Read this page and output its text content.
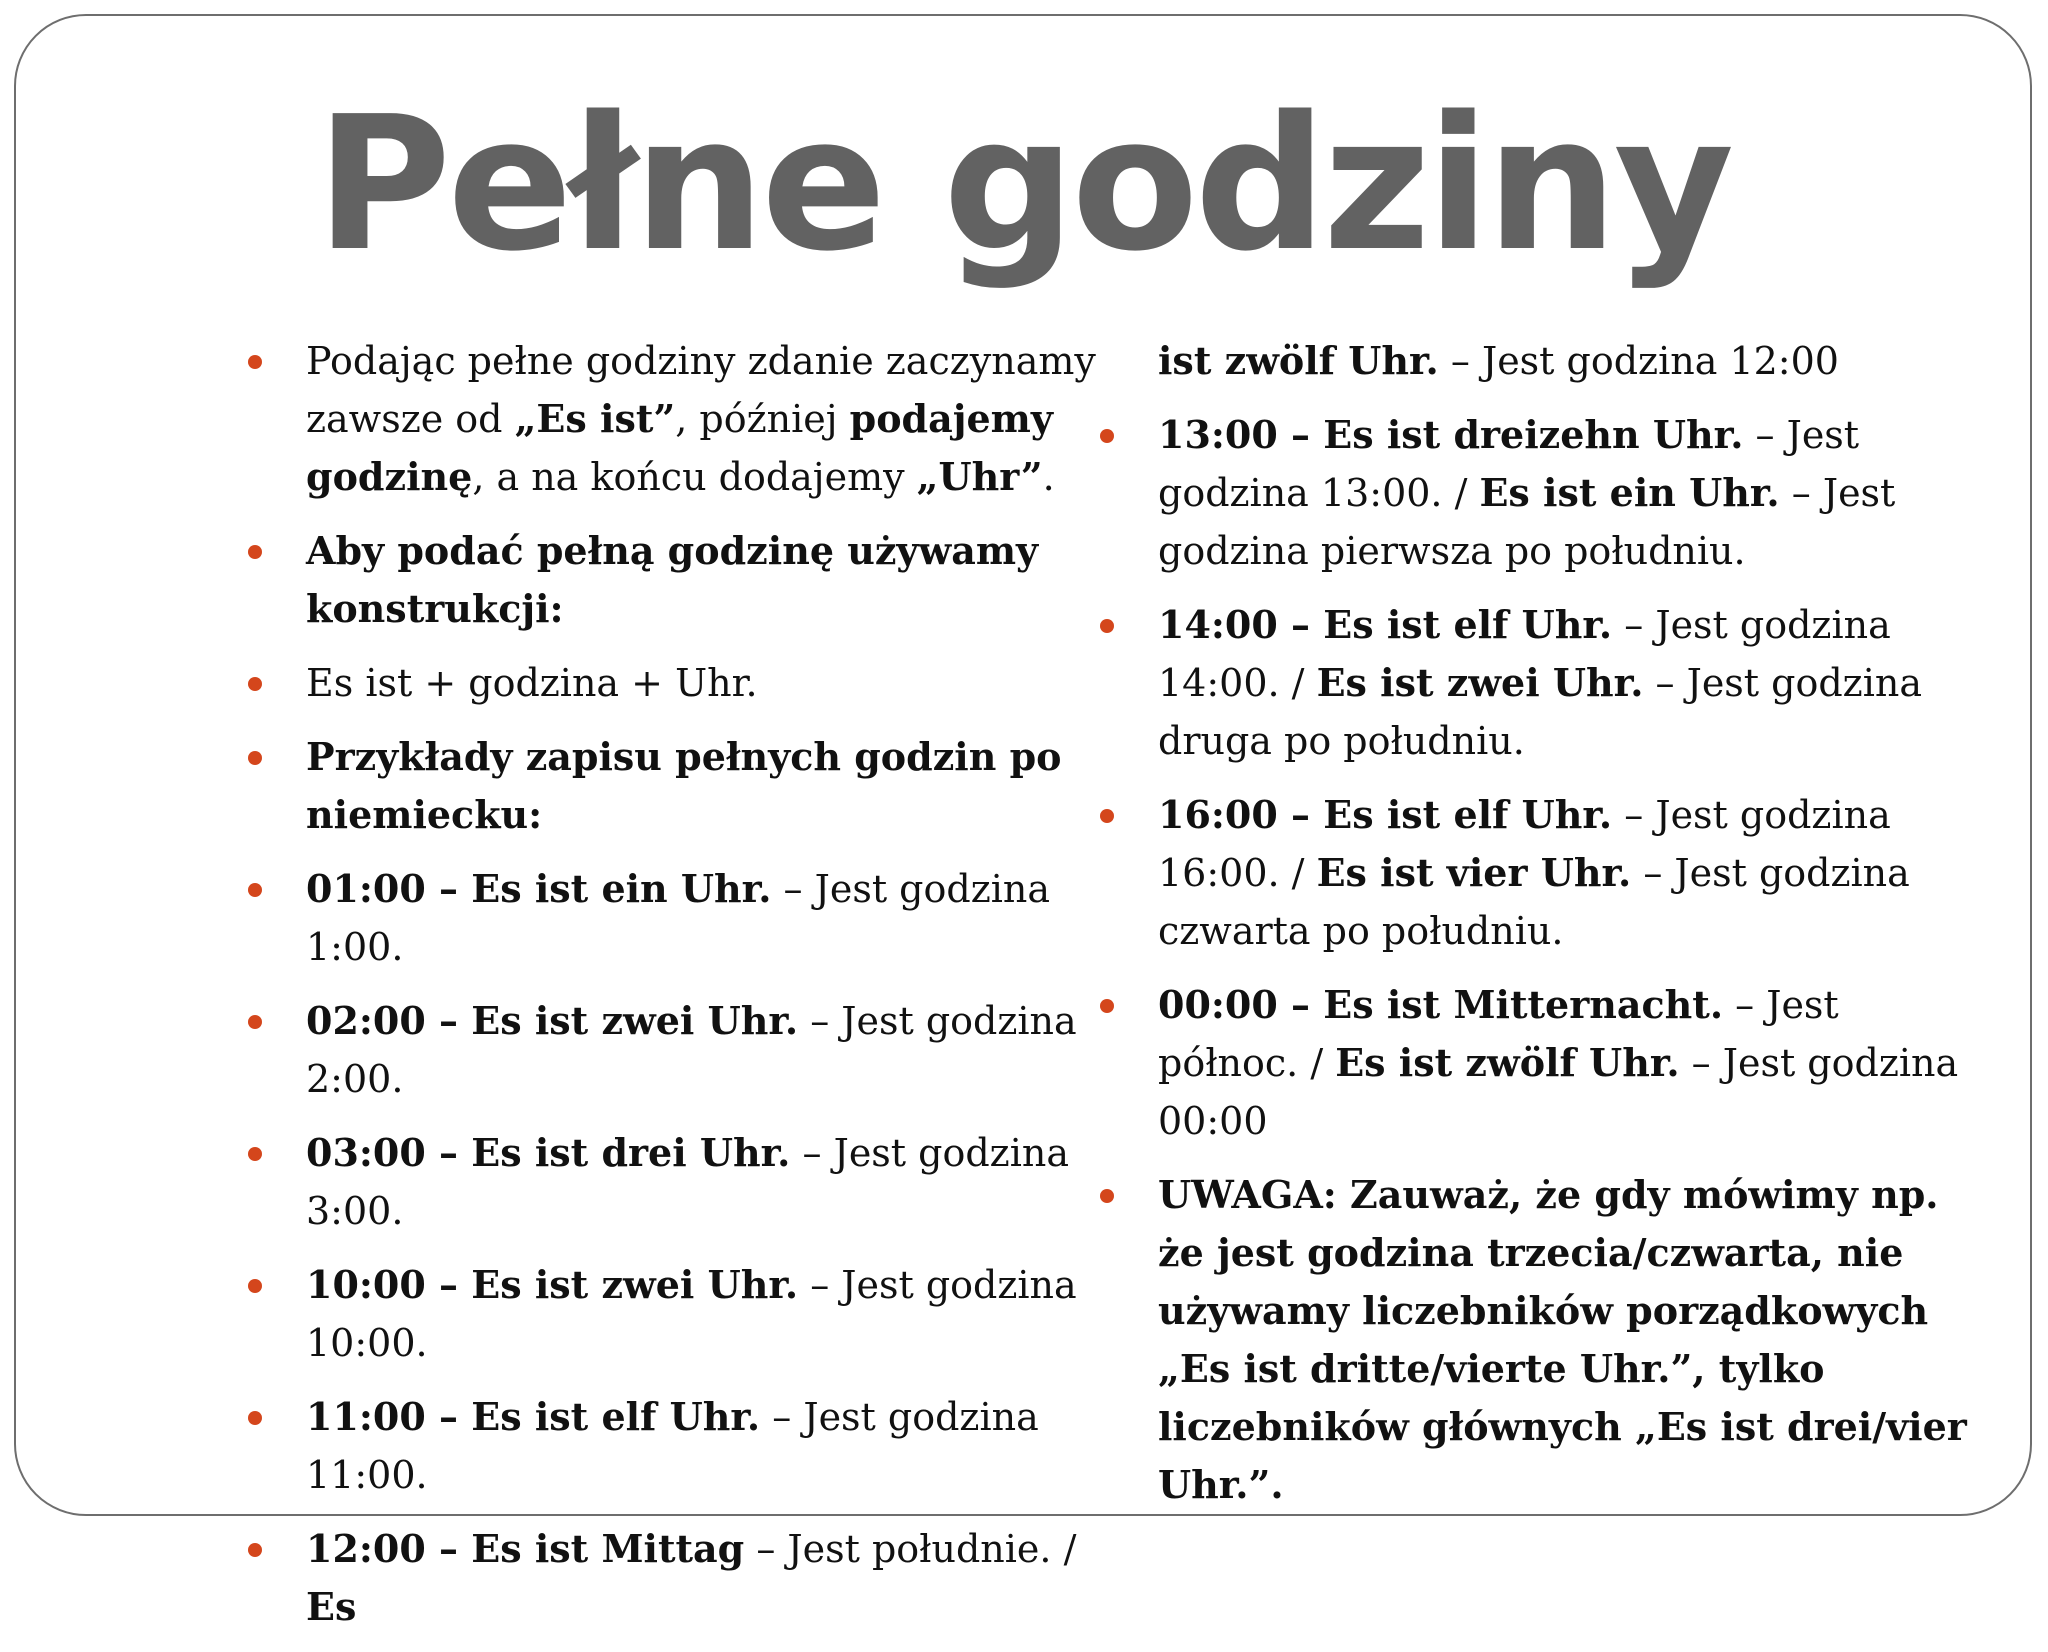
Pełne godziny
Podając pełne godziny zdanie zaczynamy zawsze od „Es ist”, później podajemy godzinę, a na końcu dodajemy „Uhr”.
Aby podać pełną godzinę używamy konstrukcji:
Es ist + godzina + Uhr.
Przykłady zapisu pełnych godzin po niemiecku:
01:00 – Es ist ein Uhr. – Jest godzina 1:00.
02:00 – Es ist zwei Uhr. – Jest godzina 2:00.
03:00 – Es ist drei Uhr. – Jest godzina 3:00.
10:00 – Es ist zwei Uhr. – Jest godzina 10:00.
11:00 – Es ist elf Uhr. – Jest godzina 11:00.
12:00 – Es ist Mittag – Jest południe. / Es
ist zwölf Uhr. – Jest godzina 12:00
13:00 – Es ist dreizehn Uhr. – Jest godzina 13:00. / Es ist ein Uhr. – Jest godzina pierwsza po południu.
14:00 – Es ist elf Uhr. – Jest godzina 14:00. / Es ist zwei Uhr. – Jest godzina druga po południu.
16:00 – Es ist elf Uhr. – Jest godzina 16:00. / Es ist vier Uhr. – Jest godzina czwarta po południu.
00:00 – Es ist Mitternacht. – Jest północ. / Es ist zwölf Uhr. – Jest godzina 00:00
UWAGA: Zauważ, że gdy mówimy np. że jest godzina trzecia/czwarta, nie używamy liczebników porządkowych „Es ist dritte/vierte Uhr.”, tylko liczebników głównych „Es ist drei/vier Uhr.”.
